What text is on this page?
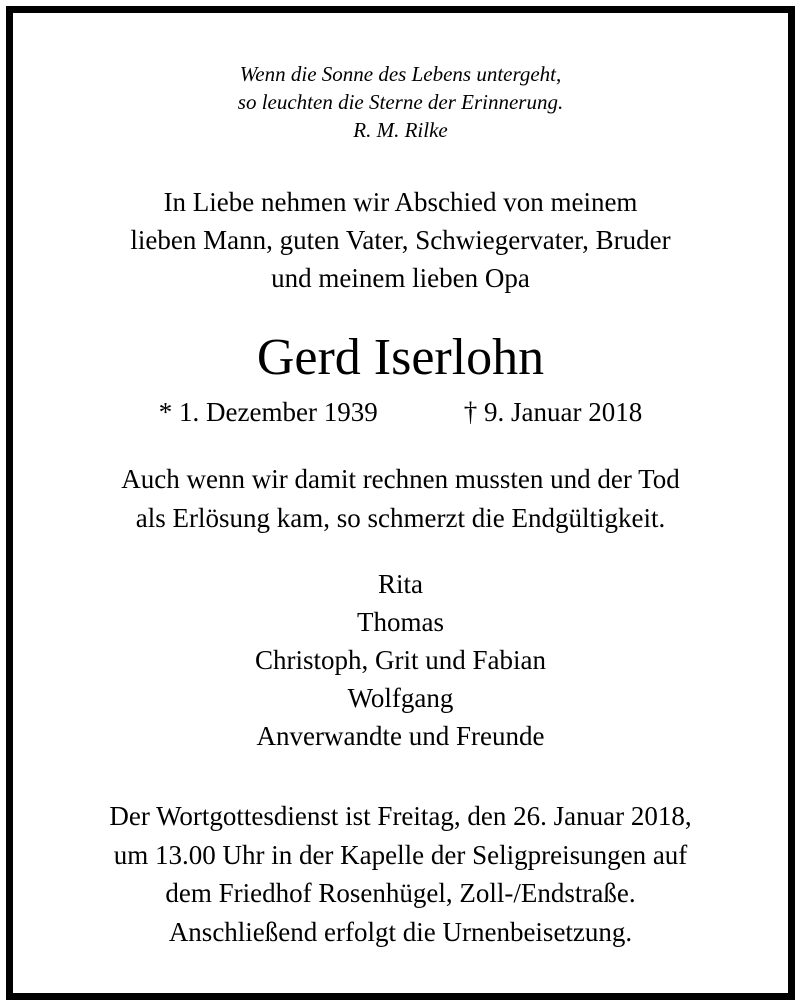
Wenn die Sonne des Lebens untergeht,
so leuchten die Sterne der Erinnerung.
R. M. Rilke
In Liebe nehmen wir Abschied von meinem
lieben Mann, guten Vater, Schwiegervater, Bruder
und meinem lieben Opa
Gerd Iserlohn
* 1. Dezember 1939	† 9. Januar 2018
Auch wenn wir damit rechnen mussten und der Tod
als Erlösung kam, so schmerzt die Endgültigkeit.
Rita
Thomas
Christoph, Grit und Fabian
Wolfgang
Anverwandte und Freunde
Der Wortgottesdienst ist Freitag, den 26. Januar 2018,
um 13.00 Uhr in der Kapelle der Seligpreisungen auf
dem Friedhof Rosenhügel, Zoll-/Endstraße.
Anschließend erfolgt die Urnenbeisetzung.
